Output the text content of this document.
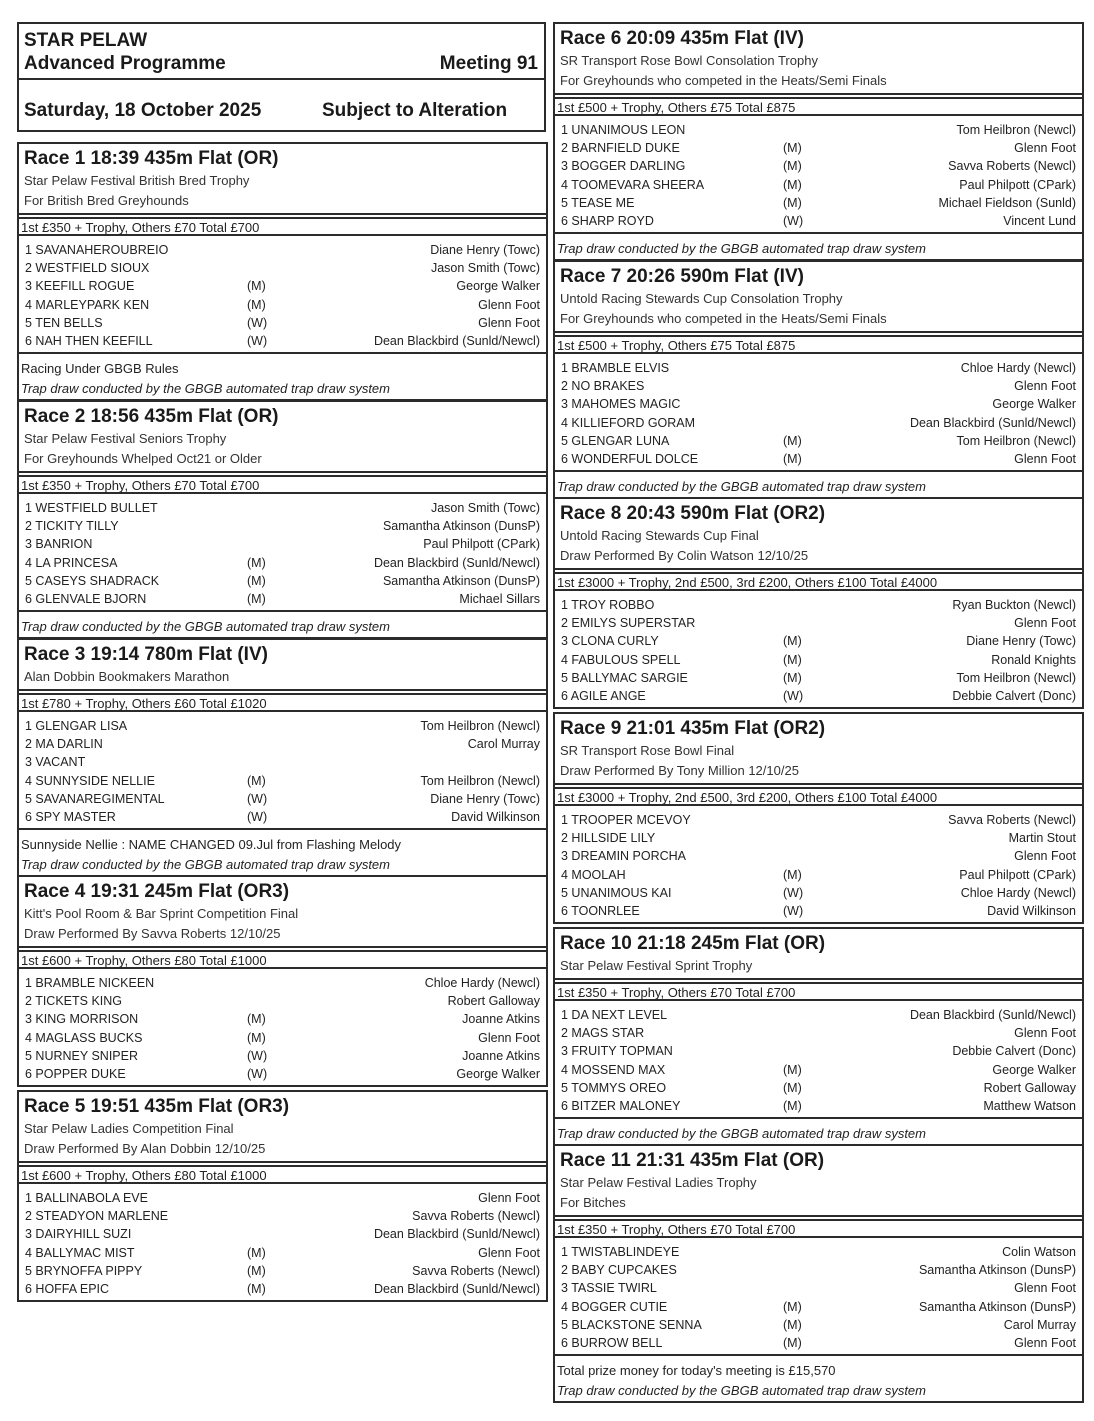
STAR PELAW
Advanced Programme	Meeting 91
Saturday, 18 October 2025	Subject to Alteration
Race 1 18:39 435m Flat (OR)
Star Pelaw Festival British Bred Trophy
For British Bred Greyhounds
1st £350 + Trophy, Others £70 Total £700
1 SAVANAHEROUBREIO	Diane Henry (Towc)
2 WESTFIELD SIOUX	Jason Smith (Towc)
3 KEEFILL ROGUE	(M)	George Walker
4 MARLEYPARK KEN	(M)	Glenn Foot
5 TEN BELLS	(W)	Glenn Foot
6 NAH THEN KEEFILL	(W)	Dean Blackbird (Sunld/Newcl)
Racing Under GBGB Rules
Trap draw conducted by the GBGB automated trap draw system
Race 2 18:56 435m Flat (OR)
Star Pelaw Festival Seniors Trophy
For Greyhounds Whelped Oct21 or Older
1st £350 + Trophy, Others £70 Total £700
1 WESTFIELD BULLET	Jason Smith (Towc)
2 TICKITY TILLY	Samantha Atkinson (DunsP)
3 BANRION	Paul Philpott (CPark)
4 LA PRINCESA	(M)	Dean Blackbird (Sunld/Newcl)
5 CASEYS SHADRACK	(M)	Samantha Atkinson (DunsP)
6 GLENVALE BJORN	(M)	Michael Sillars
Trap draw conducted by the GBGB automated trap draw system
Race 3 19:14 780m Flat (IV)
Alan Dobbin Bookmakers Marathon
1st £780 + Trophy, Others £60 Total £1020
1 GLENGAR LISA	Tom Heilbron (Newcl)
2 MA DARLIN	Carol Murray
3 VACANT
4 SUNNYSIDE NELLIE	(M)	Tom Heilbron (Newcl)
5 SAVANAREGIMENTAL	(W)	Diane Henry (Towc)
6 SPY MASTER	(W)	David Wilkinson
Sunnyside Nellie : NAME CHANGED 09.Jul from Flashing Melody
Trap draw conducted by the GBGB automated trap draw system
Race 4 19:31 245m Flat (OR3)
Kitt's Pool Room & Bar Sprint Competition Final
Draw Performed By Savva Roberts 12/10/25
1st £600 + Trophy, Others £80 Total £1000
1 BRAMBLE NICKEEN	Chloe Hardy (Newcl)
2 TICKETS KING	Robert Galloway
3 KING MORRISON	(M)	Joanne Atkins
4 MAGLASS BUCKS	(M)	Glenn Foot
5 NURNEY SNIPER	(W)	Joanne Atkins
6 POPPER DUKE	(W)	George Walker
Race 5 19:51 435m Flat (OR3)
Star Pelaw Ladies Competition Final
Draw Performed By Alan Dobbin 12/10/25
1st £600 + Trophy, Others £80 Total £1000
1 BALLINABOLA EVE	Glenn Foot
2 STEADYON MARLENE	Savva Roberts (Newcl)
3 DAIRYHILL SUZI	Dean Blackbird (Sunld/Newcl)
4 BALLYMAC MIST	(M)	Glenn Foot
5 BRYNOFFA PIPPY	(M)	Savva Roberts (Newcl)
6 HOFFA EPIC	(M)	Dean Blackbird (Sunld/Newcl)
Race 6 20:09 435m Flat (IV)
SR Transport Rose Bowl Consolation Trophy
For Greyhounds who competed in the Heats/Semi Finals
1st £500 + Trophy, Others £75 Total £875
1 UNANIMOUS LEON	Tom Heilbron (Newcl)
2 BARNFIELD DUKE	(M)	Glenn Foot
3 BOGGER DARLING	(M)	Savva Roberts (Newcl)
4 TOOMEVARA SHEERA	(M)	Paul Philpott (CPark)
5 TEASE ME	(M)	Michael Fieldson (Sunld)
6 SHARP ROYD	(W)	Vincent Lund
Trap draw conducted by the GBGB automated trap draw system
Race 7 20:26 590m Flat (IV)
Untold Racing Stewards Cup Consolation Trophy
For Greyhounds who competed in the Heats/Semi Finals
1st £500 + Trophy, Others £75 Total £875
1 BRAMBLE ELVIS	Chloe Hardy (Newcl)
2 NO BRAKES	Glenn Foot
3 MAHOMES MAGIC	George Walker
4 KILLIEFORD GORAM	Dean Blackbird (Sunld/Newcl)
5 GLENGAR LUNA	(M)	Tom Heilbron (Newcl)
6 WONDERFUL DOLCE	(M)	Glenn Foot
Trap draw conducted by the GBGB automated trap draw system
Race 8 20:43 590m Flat (OR2)
Untold Racing Stewards Cup Final
Draw Performed By Colin Watson 12/10/25
1st £3000 + Trophy, 2nd £500, 3rd £200, Others £100 Total £4000
1 TROY ROBBO	Ryan Buckton (Newcl)
2 EMILYS SUPERSTAR	Glenn Foot
3 CLONA CURLY	(M)	Diane Henry (Towc)
4 FABULOUS SPELL	(M)	Ronald Knights
5 BALLYMAC SARGIE	(M)	Tom Heilbron (Newcl)
6 AGILE ANGE	(W)	Debbie Calvert (Donc)
Race 9 21:01 435m Flat (OR2)
SR Transport Rose Bowl Final
Draw Performed By Tony Million 12/10/25
1st £3000 + Trophy, 2nd £500, 3rd £200, Others £100 Total £4000
1 TROOPER MCEVOY	Savva Roberts (Newcl)
2 HILLSIDE LILY	Martin Stout
3 DREAMIN PORCHA	Glenn Foot
4 MOOLAH	(M)	Paul Philpott (CPark)
5 UNANIMOUS KAI	(W)	Chloe Hardy (Newcl)
6 TOONRLEE	(W)	David Wilkinson
Race 10 21:18 245m Flat (OR)
Star Pelaw Festival Sprint Trophy
1st £350 + Trophy, Others £70 Total £700
1 DA NEXT LEVEL	Dean Blackbird (Sunld/Newcl)
2 MAGS STAR	Glenn Foot
3 FRUITY TOPMAN	Debbie Calvert (Donc)
4 MOSSEND MAX	(M)	George Walker
5 TOMMYS OREO	(M)	Robert Galloway
6 BITZER MALONEY	(M)	Matthew Watson
Trap draw conducted by the GBGB automated trap draw system
Race 11 21:31 435m Flat (OR)
Star Pelaw Festival Ladies Trophy
For Bitches
1st £350 + Trophy, Others £70 Total £700
1 TWISTABLINDEYE	Colin Watson
2 BABY CUPCAKES	Samantha Atkinson (DunsP)
3 TASSIE TWIRL	Glenn Foot
4 BOGGER CUTIE	(M)	Samantha Atkinson (DunsP)
5 BLACKSTONE SENNA	(M)	Carol Murray
6 BURROW BELL	(M)	Glenn Foot
Total prize money for today's meeting is £15,570
Trap draw conducted by the GBGB automated trap draw system
